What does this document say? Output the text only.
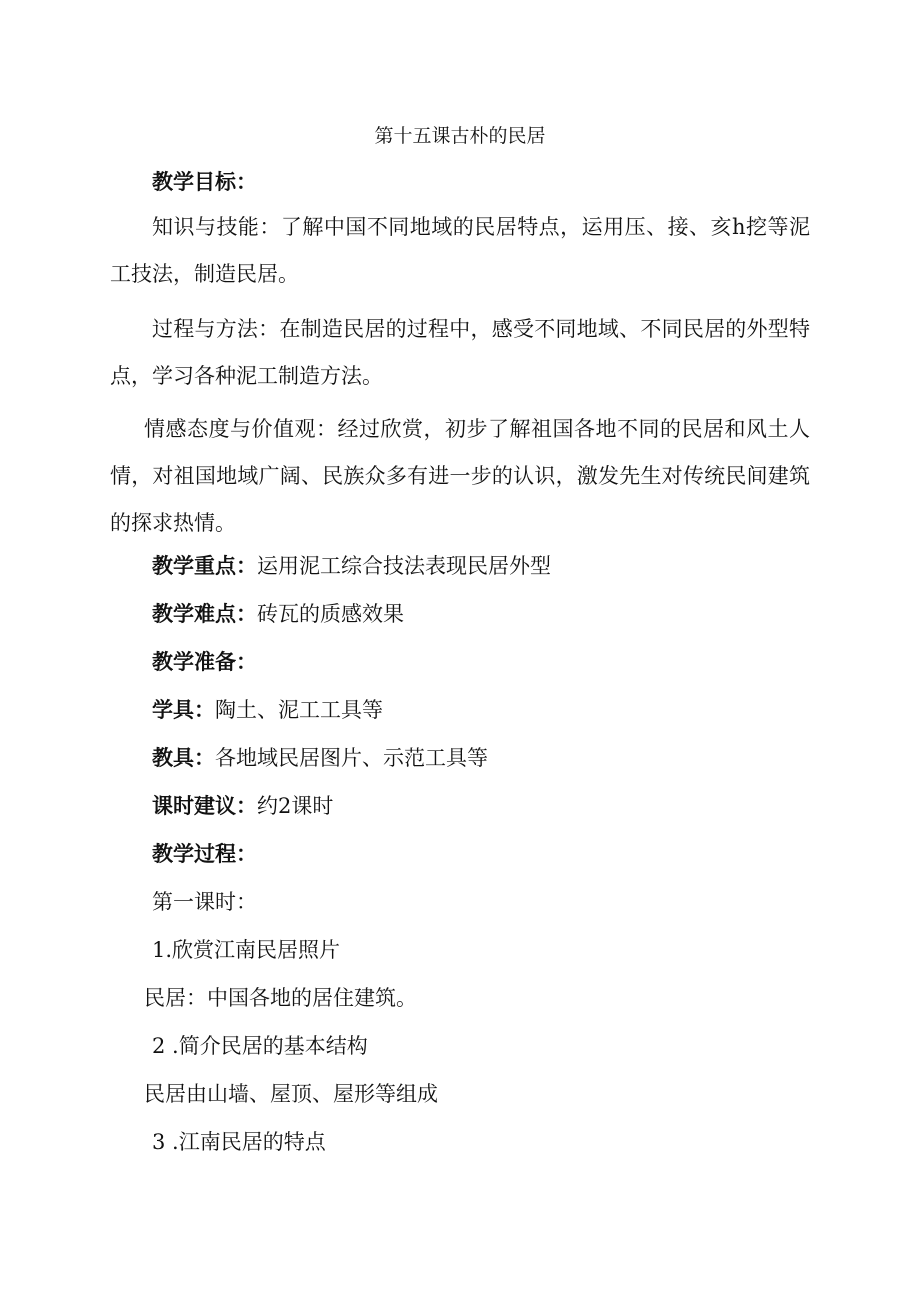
第十五课古朴的民居
教学目标：
知识与技能：了解中国不同地域的民居特点，运用压、接、亥h挖等泥工技法，制造民居。
过程与方法：在制造民居的过程中，感受不同地域、不同民居的外型特点，学习各种泥工制造方法。
情感态度与价值观：经过欣赏，初步了解祖国各地不同的民居和风土人情，对祖国地域广阔、民族众多有进一步的认识，激发先生对传统民间建筑的探求热情。
教学重点：运用泥工综合技法表现民居外型
教学难点：砖瓦的质感效果
教学准备：
学具：陶土、泥工工具等
教具：各地域民居图片、示范工具等
课时建议：约2课时
教学过程：
第一课时：
1.欣赏江南民居照片
民居：中国各地的居住建筑。
2 .简介民居的基本结构
民居由山墙、屋顶、屋形等组成
3 .江南民居的特点
